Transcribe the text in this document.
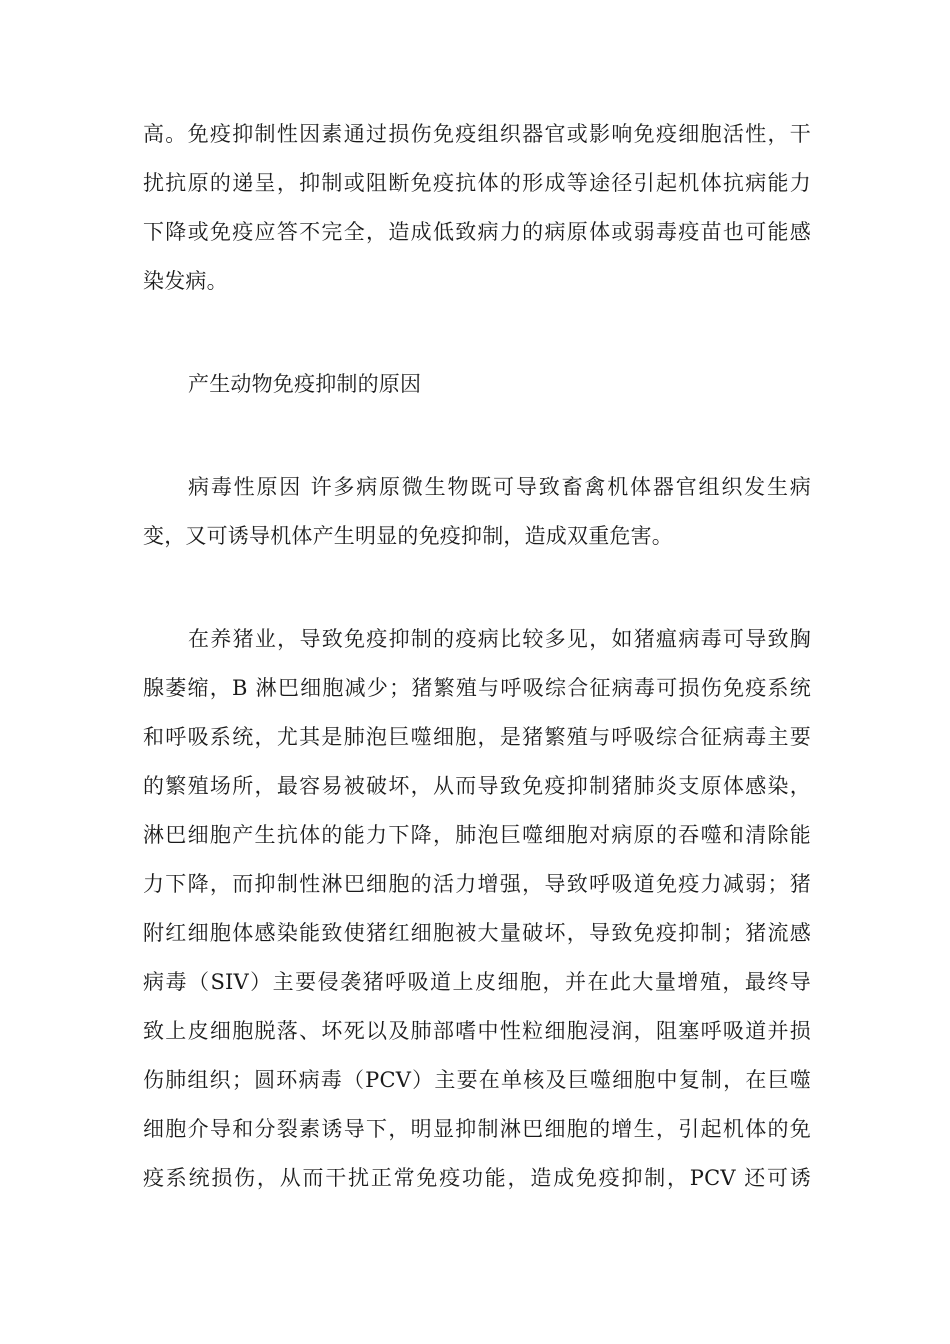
高。免疫抑制性因素通过损伤免疫组织器官或影响免疫细胞活性，干
扰抗原的递呈，抑制或阻断免疫抗体的形成等途径引起机体抗病能力
下降或免疫应答不完全，造成低致病力的病原体或弱毒疫苗也可能感
染发病。
产生动物免疫抑制的原因
病毒性原因 许多病原微生物既可导致畜禽机体器官组织发生病
变，又可诱导机体产生明显的免疫抑制，造成双重危害。
在养猪业，导致免疫抑制的疫病比较多见，如猪瘟病毒可导致胸
腺萎缩，B 淋巴细胞减少；猪繁殖与呼吸综合征病毒可损伤免疫系统
和呼吸系统，尤其是肺泡巨噬细胞，是猪繁殖与呼吸综合征病毒主要
的繁殖场所，最容易被破坏，从而导致免疫抑制猪肺炎支原体感染，
淋巴细胞产生抗体的能力下降，肺泡巨噬细胞对病原的吞噬和清除能
力下降，而抑制性淋巴细胞的活力增强，导致呼吸道免疫力减弱；猪
附红细胞体感染能致使猪红细胞被大量破坏，导致免疫抑制；猪流感
病毒（SIV）主要侵袭猪呼吸道上皮细胞，并在此大量增殖，最终导
致上皮细胞脱落、坏死以及肺部嗜中性粒细胞浸润，阻塞呼吸道并损
伤肺组织；圆环病毒（PCV）主要在单核及巨噬细胞中复制，在巨噬
细胞介导和分裂素诱导下，明显抑制淋巴细胞的增生，引起机体的免
疫系统损伤，从而干扰正常免疫功能，造成免疫抑制，PCV 还可诱
